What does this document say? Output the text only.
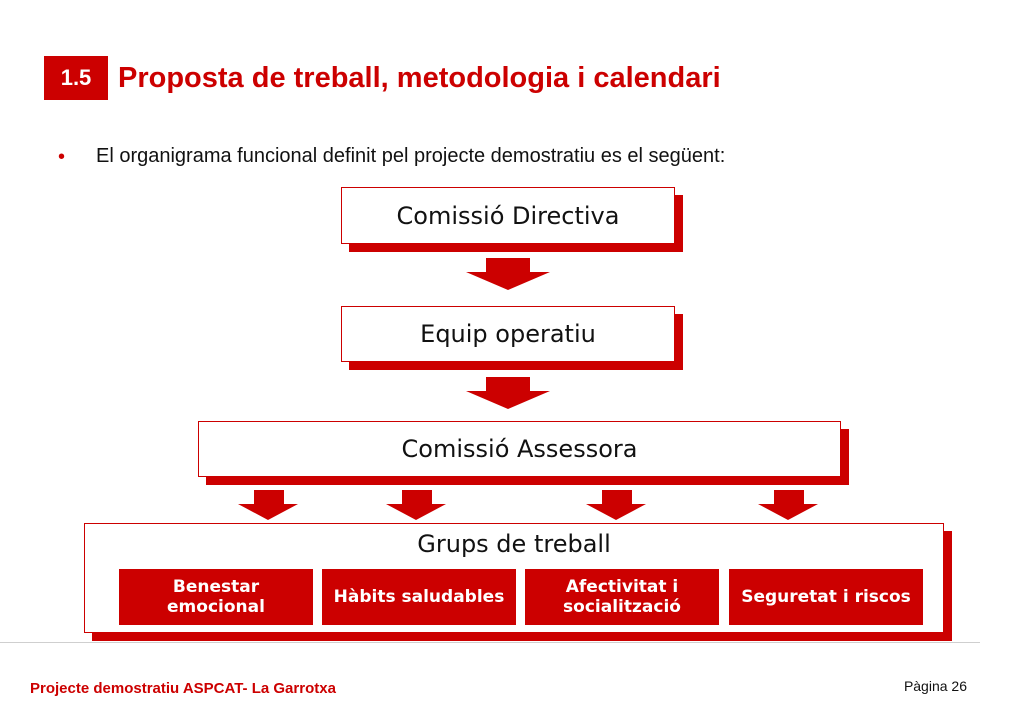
1.5 Proposta de treball, metodologia i calendari
• El organigrama funcional definit pel projecte demostratiu es el següent:
Comissió Directiva
Equip operatiu
Comissió Assessora
Grups de treball
Benestar emocional	Hàbits saludables	Afectivitat i socialització	Seguretat i riscos
Projecte demostratiu ASPCAT- La Garrotxa	Pàgina 26
